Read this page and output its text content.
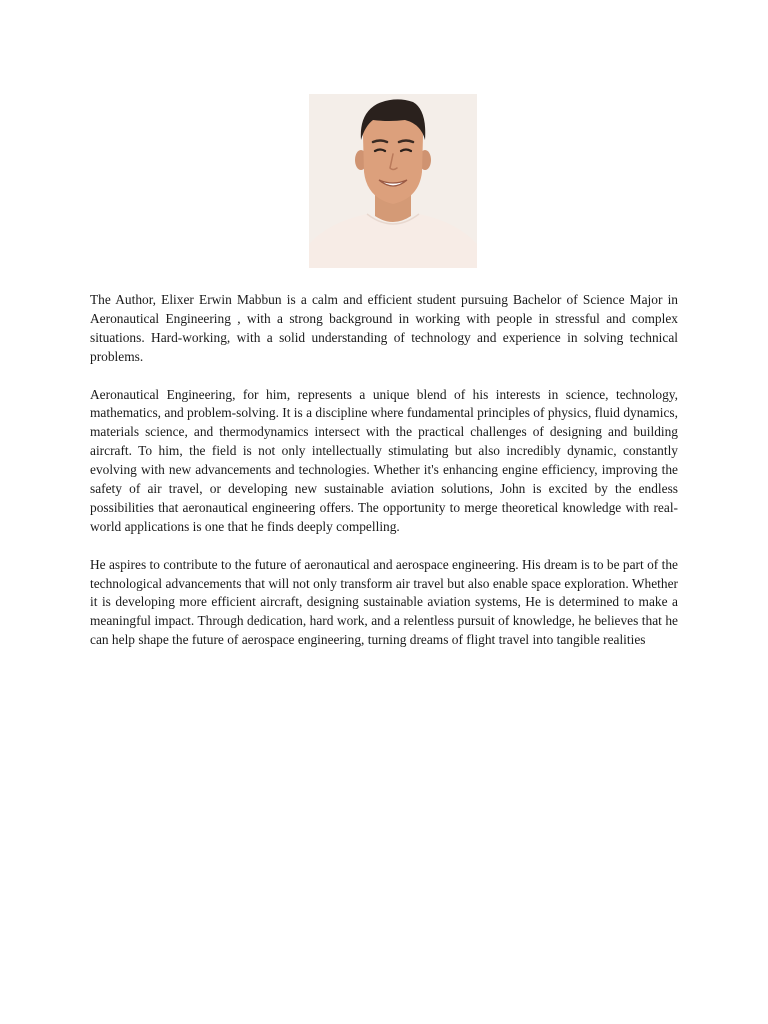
The Author, Elixer Erwin Mabbun is a calm and efficient student pursuing Bachelor of Science Major in Aeronautical Engineering , with a strong background in working with people in stressful and complex situations. Hard-working, with a solid understanding of technology and experience in solving technical problems.

Aeronautical Engineering, for him, represents a unique blend of his interests in science, technology, mathematics, and problem-solving. It is a discipline where fundamental principles of physics, fluid dynamics, materials science, and thermodynamics intersect with the practical challenges of designing and building aircraft. To him, the field is not only intellectually stimulating but also incredibly dynamic, constantly evolving with new advancements and technologies. Whether it's enhancing engine efficiency, improving the safety of air travel, or developing new sustainable aviation solutions, John is excited by the endless possibilities that aeronautical engineering offers. The opportunity to merge theoretical knowledge with real-world applications is one that he finds deeply compelling.

He aspires to contribute to the future of aeronautical and aerospace engineering. His dream is to be part of the technological advancements that will not only transform air travel but also enable space exploration. Whether it is developing more efficient aircraft, designing sustainable aviation systems, He is determined to make a meaningful impact. Through dedication, hard work, and a relentless pursuit of knowledge, he believes that he can help shape the future of aerospace engineering, turning dreams of flight travel into tangible realities
